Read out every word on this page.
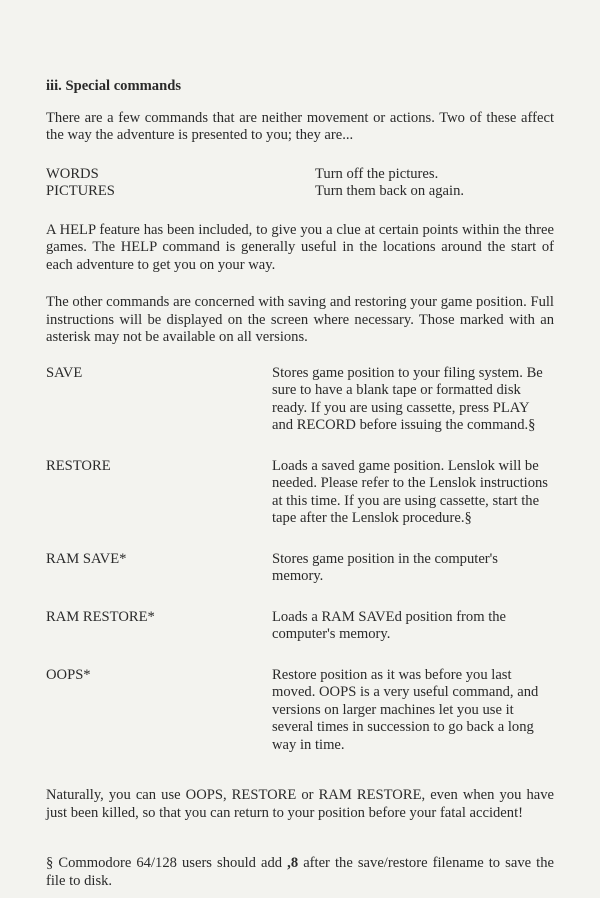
iii. Special commands

There are a few commands that are neither movement or actions. Two of these affect the way the adventure is presented to you; they are...

WORDS	Turn off the pictures.
PICTURES	Turn them back on again.

A HELP feature has been included, to give you a clue at certain points within the three games. The HELP command is generally useful in the locations around the start of each adventure to get you on your way.

The other commands are concerned with saving and restoring your game position. Full instructions will be displayed on the screen where necessary. Those marked with an asterisk may not be available on all versions.

SAVE	Stores game position to your filing system. Be sure to have a blank tape or formatted disk ready. If you are using cassette, press PLAY and RECORD before issuing the command.§
RESTORE	Loads a saved game position. Lenslok will be needed. Please refer to the Lenslok instructions at this time. If you are using cassette, start the tape after the Lenslok procedure.§
RAM SAVE*	Stores game position in the computer's memory.
RAM RESTORE*	Loads a RAM SAVEd position from the computer's memory.
OOPS*	Restore position as it was before you last moved. OOPS is a very useful command, and versions on larger machines let you use it several times in succession to go back a long way in time.

Naturally, you can use OOPS, RESTORE or RAM RESTORE, even when you have just been killed, so that you can return to your position before your fatal accident!

§ Commodore 64/128 users should add ,8 after the save/restore filename to save the file to disk.
